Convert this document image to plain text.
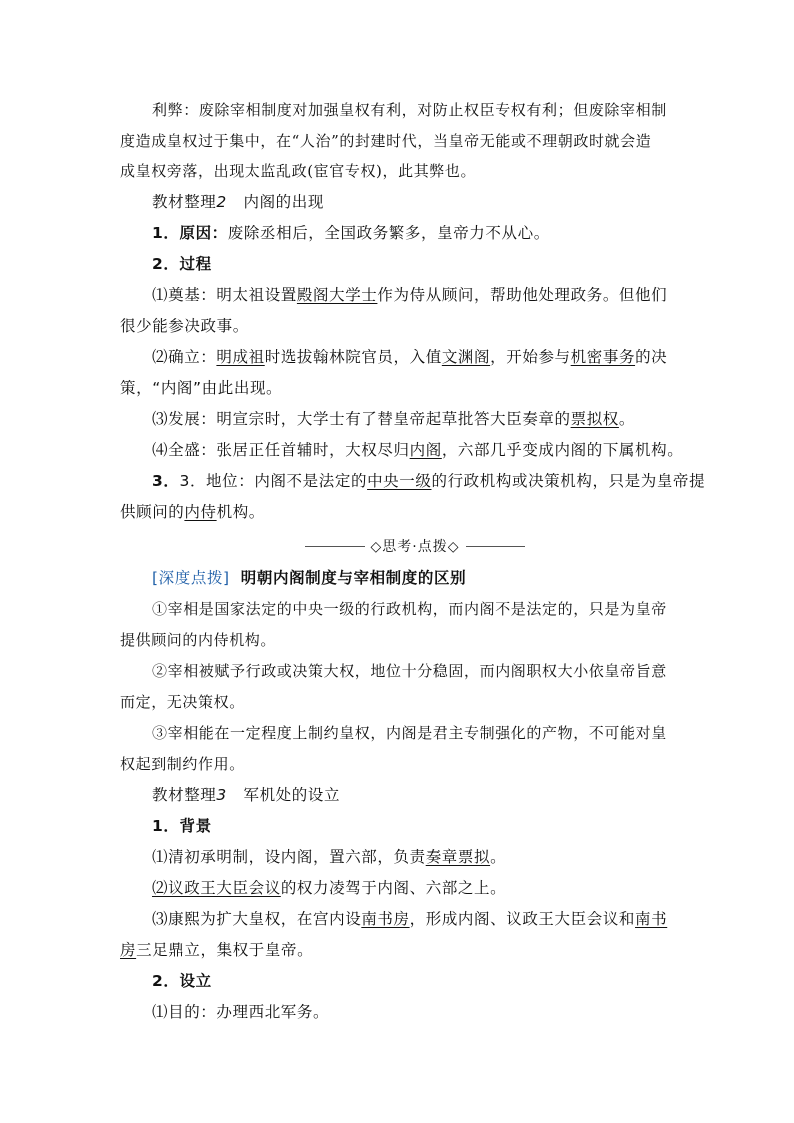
利弊：废除宰相制度对加强皇权有利，对防止权臣专权有利；但废除宰相制
度造成皇权过于集中，在“人治”的封建时代，当皇帝无能或不理朝政时就会造
成皇权旁落，出现太监乱政(宦官专权)，此其弊也。
教材整理2 内阁的出现
1．原因：废除丞相后，全国政务繁多，皇帝力不从心。
2．过程
⑴奠基：明太祖设置殿阁大学士作为侍从顾问，帮助他处理政务。但他们
很少能参决政事。
⑵确立：明成祖时选拔翰林院官员，入值文渊阁，开始参与机密事务的决
策，“内阁”由此出现。
⑶发展：明宣宗时，大学士有了替皇帝起草批答大臣奏章的票拟权。
⑷全盛：张居正任首辅时，大权尽归内阁，六部几乎变成内阁的下属机构。
3．3．地位：内阁不是法定的中央一级的行政机构或决策机构，只是为皇帝提
供顾问的内侍机构。
◇思考·点拨◇
[深度点拨] 明朝内阁制度与宰相制度的区别
①宰相是国家法定的中央一级的行政机构，而内阁不是法定的，只是为皇帝
提供顾问的内侍机构。
②宰相被赋予行政或决策大权，地位十分稳固，而内阁职权大小依皇帝旨意
而定，无决策权。
③宰相能在一定程度上制约皇权，内阁是君主专制强化的产物，不可能对皇
权起到制约作用。
教材整理3 军机处的设立
1．背景
⑴清初承明制，设内阁，置六部，负责奏章票拟。
⑵议政王大臣会议的权力凌驾于内阁、六部之上。
⑶康熙为扩大皇权，在宫内设南书房，形成内阁、议政王大臣会议和南书
房三足鼎立，集权于皇帝。
2．设立
⑴目的：办理西北军务。
